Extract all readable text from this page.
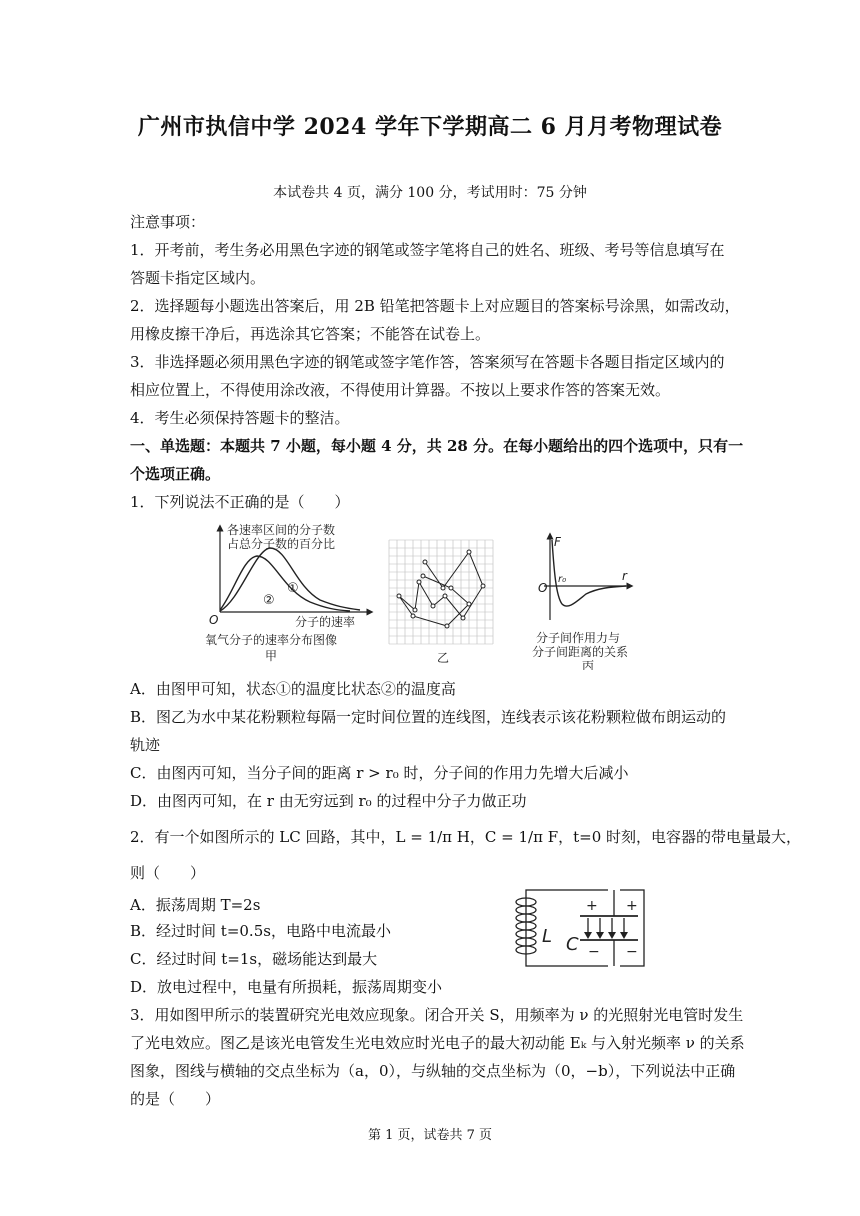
广州市执信中学 2024 学年下学期高二 6 月月考物理试卷
本试卷共 4 页，满分 100 分，考试用时：75 分钟
注意事项：
1．开考前，考生务必用黑色字迹的钢笔或签字笔将自己的姓名、班级、考号等信息填写在
答题卡指定区域内。
2．选择题每小题选出答案后，用 2B 铅笔把答题卡上对应题目的答案标号涂黑，如需改动，
用橡皮擦干净后，再选涂其它答案；不能答在试卷上。
3．非选择题必须用黑色字迹的钢笔或签字笔作答，答案须写在答题卡各题目指定区域内的
相应位置上，不得使用涂改液，不得使用计算器。不按以上要求作答的答案无效。
4．考生必须保持答题卡的整洁。
一、单选题：本题共 7 小题，每小题 4 分，共 28 分。在每小题给出的四个选项中，只有一
个选项正确。
1．下列说法不正确的是（　　）
各速率区间的分子数
占总分子数的百分比
①
②
O	分子的速率
氧气分子的速率分布图像
甲	乙
F
r
O
r₀
分子间作用力与
分子间距离的关系
丙
A．由图甲可知，状态①的温度比状态②的温度高
B．图乙为水中某花粉颗粒每隔一定时间位置的连线图，连线表示该花粉颗粒做布朗运动的
轨迹
C．由图丙可知，当分子间的距离 r > r₀ 时，分子间的作用力先增大后减小
D．由图丙可知，在 r 由无穷远到 r₀ 的过程中分子力做正功
2．有一个如图所示的 LC 回路，其中，L = 1/π H，C = 1/π F，t=0 时刻，电容器的带电量最大，
则（　　）
A．振荡周期 T=2s
B．经过时间 t=0.5s，电路中电流最小
C．经过时间 t=1s，磁场能达到最大
D．放电过程中，电量有所损耗，振荡周期变小
L C
+ +
− −
3．用如图甲所示的装置研究光电效应现象。闭合开关 S，用频率为 ν 的光照射光电管时发生
了光电效应。图乙是该光电管发生光电效应时光电子的最大初动能 Eₖ 与入射光频率 ν 的关系
图象，图线与横轴的交点坐标为（a，0），与纵轴的交点坐标为（0，−b），下列说法中正确
的是（　　）
第 1 页，试卷共 7 页
